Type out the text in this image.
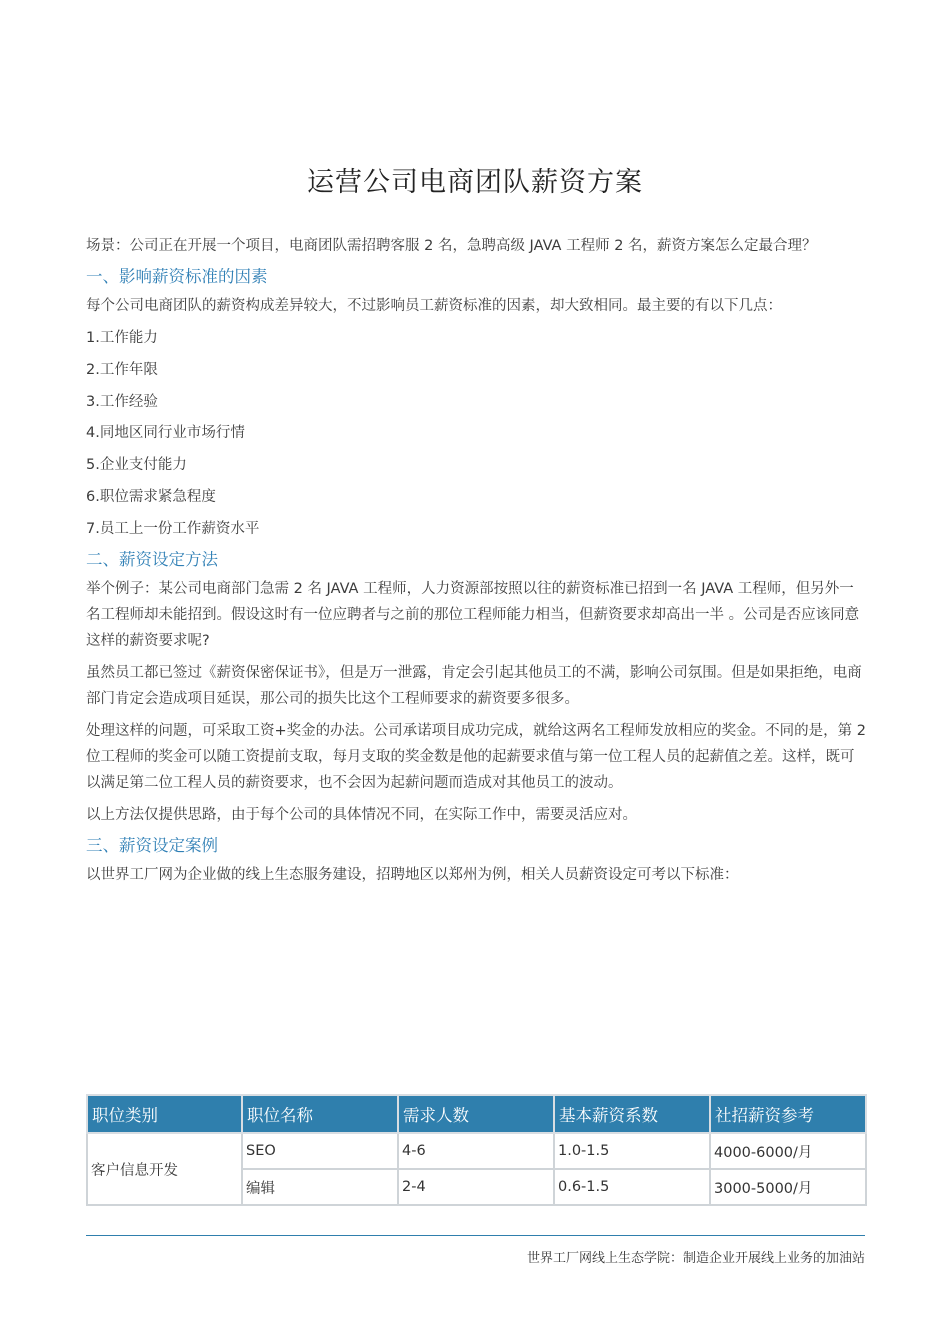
运营公司电商团队薪资方案

场景：公司正在开展一个项目，电商团队需招聘客服 2 名，急聘高级 JAVA 工程师 2 名，薪资方案怎么定最合理？

一、影响薪资标准的因素

每个公司电商团队的薪资构成差异较大，不过影响员工薪资标准的因素，却大致相同。最主要的有以下几点：

1.工作能力
2.工作年限
3.工作经验
4.同地区同行业市场行情
5.企业支付能力
6.职位需求紧急程度
7.员工上一份工作薪资水平
二、薪资设定方法

举个例子：某公司电商部门急需 2 名 JAVA 工程师，人力资源部按照以往的薪资标准已招到一名 JAVA 工程师，但另外一名工程师却未能招到。假设这时有一位应聘者与之前的那位工程师能力相当，但薪资要求却高出一半 。公司是否应该同意这样的薪资要求呢?

虽然员工都已签过《薪资保密保证书》，但是万一泄露，肯定会引起其他员工的不满，影响公司氛围。但是如果拒绝，电商部门肯定会造成项目延误，那公司的损失比这个工程师要求的薪资要多很多。

处理这样的问题，可采取工资+奖金的办法。公司承诺项目成功完成，就给这两名工程师发放相应的奖金。不同的是，第 2 位工程师的奖金可以随工资提前支取，每月支取的奖金数是他的起薪要求值与第一位工程人员的起薪值之差。这样，既可以满足第二位工程人员的薪资要求，也不会因为起薪问题而造成对其他员工的波动。

以上方法仅提供思路，由于每个公司的具体情况不同，在实际工作中，需要灵活应对。

三、薪资设定案例

以世界工厂网为企业做的线上生态服务建设，招聘地区以郑州为例，相关人员薪资设定可考以下标准：

职位类别	职位名称	需求人数	基本薪资系数	社招薪资参考
客户信息开发	SEO	4-6	1.0-1.5	4000-6000/月
	编辑	2-4	0.6-1.5	3000-5000/月
世界工厂网线上生态学院：制造企业开展线上业务的加油站
